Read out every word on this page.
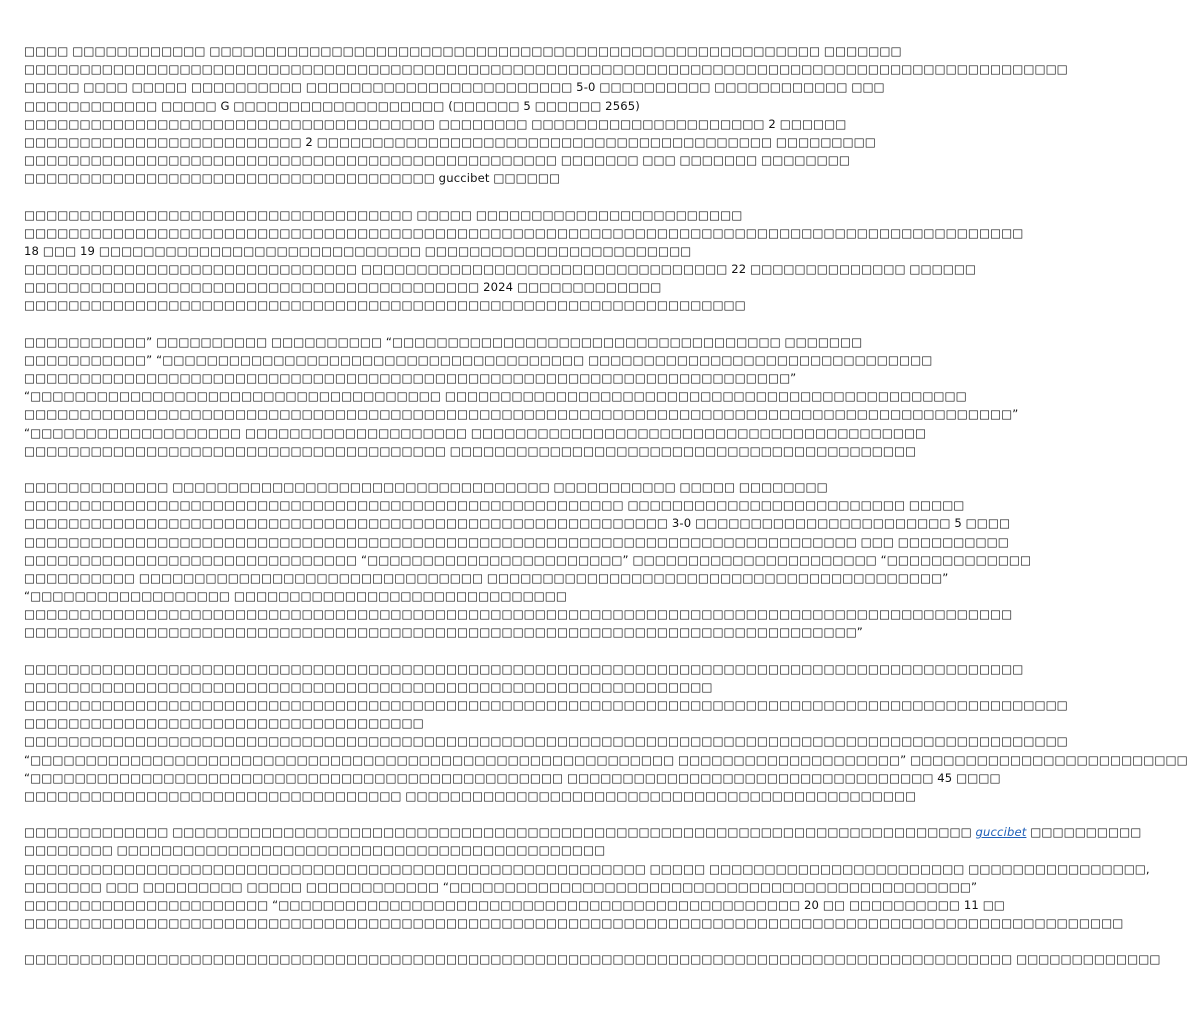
□□□□ □□□□□□□□□□□□ □□□□□□□□□□□□□□□□□□□□□□□□□□□□□□□□□□□□□□□□□□□□□□□□□□□□□□□ □□□□□□□
□□□□□□□□□□□□□□□□□□□□□□□□□□□□□□□□□□□□□□□□□□□□□□□□□□□□□□□□□□□□□□□□□□□□□□□□□□□□□□□□□□□□□□□□□□□□□□
□□□□□ □□□□ □□□□□ □□□□□□□□□□ □□□□□□□□□□□□□□□□□□□□□□□□ 5-0 □□□□□□□□□□ □□□□□□□□□□□□ □□□
□□□□□□□□□□□□ □□□□□ G □□□□□□□□□□□□□□□□□□□ (□□□□□□ 5 □□□□□□ 2565)
□□□□□□□□□□□□□□□□□□□□□□□□□□□□□□□□□□□□□ □□□□□□□□ □□□□□□□□□□□□□□□□□□□□□ 2 □□□□□□
□□□□□□□□□□□□□□□□□□□□□□□□□ 2 □□□□□□□□□□□□□□□□□□□□□□□□□□□□□□□□□□□□□□□□□ □□□□□□□□□
□□□□□□□□□□□□□□□□□□□□□□□□□□□□□□□□□□□□□□□□□□□□□□□□ □□□□□□□ □□□ □□□□□□□ □□□□□□□□
□□□□□□□□□□□□□□□□□□□□□□□□□□□□□□□□□□□□□ guccibet □□□□□□
□□□□□□□□□□□□□□□□□□□□□□□□□□□□□□□□□□□ □□□□□ □□□□□□□□□□□□□□□□□□□□□□□□
□□□□□□□□□□□□□□□□□□□□□□□□□□□□□□□□□□□□□□□□□□□□□□□□□□□□□□□□□□□□□□□□□□□□□□□□□□□□□□□□□□□□□□□□□□
18 □□□ 19 □□□□□□□□□□□□□□□□□□□□□□□□□□□□□ □□□□□□□□□□□□□□□□□□□□□□□□
□□□□□□□□□□□□□□□□□□□□□□□□□□□□□□ □□□□□□□□□□□□□□□□□□□□□□□□□□□□□□□□□ 22 □□□□□□□□□□□□□□ □□□□□□
□□□□□□□□□□□□□□□□□□□□□□□□□□□□□□□□□□□□□□□□□ 2024 □□□□□□□□□□□□□
□□□□□□□□□□□□□□□□□□□□□□□□□□□□□□□□□□□□□□□□□□□□□□□□□□□□□□□□□□□□□□□□□
□□□□□□□□□□□” □□□□□□□□□□ □□□□□□□□□□ “□□□□□□□□□□□□□□□□□□□□□□□□□□□□□□□□□□□ □□□□□□□
□□□□□□□□□□□” “□□□□□□□□□□□□□□□□□□□□□□□□□□□□□□□□□□□□□□ □□□□□□□□□□□□□□□□□□□□□□□□□□□□□□□
□□□□□□□□□□□□□□□□□□□□□□□□□□□□□□□□□□□□□□□□□□□□□□□□□□□□□□□□□□□□□□□□□□□□□”
“□□□□□□□□□□□□□□□□□□□□□□□□□□□□□□□□□□□□□ □□□□□□□□□□□□□□□□□□□□□□□□□□□□□□□□□□□□□□□□□□□□□□□
□□□□□□□□□□□□□□□□□□□□□□□□□□□□□□□□□□□□□□□□□□□□□□□□□□□□□□□□□□□□□□□□□□□□□□□□□□□□□□□□□□□□□□□□□”
“□□□□□□□□□□□□□□□□□□□ □□□□□□□□□□□□□□□□□□□□ □□□□□□□□□□□□□□□□□□□□□□□□□□□□□□□□□□□□□□□□□
□□□□□□□□□□□□□□□□□□□□□□□□□□□□□□□□□□□□□□ □□□□□□□□□□□□□□□□□□□□□□□□□□□□□□□□□□□□□□□□□□
□□□□□□□□□□□□□ □□□□□□□□□□□□□□□□□□□□□□□□□□□□□□□□□□ □□□□□□□□□□□ □□□□□ □□□□□□□□
□□□□□□□□□□□□□□□□□□□□□□□□□□□□□□□□□□□□□□□□□□□□□□□□□□□□□□ □□□□□□□□□□□□□□□□□□□□□□□□□ □□□□□
□□□□□□□□□□□□□□□□□□□□□□□□□□□□□□□□□□□□□□□□□□□□□□□□□□□□□□□□□□ 3-0 □□□□□□□□□□□□□□□□□□□□□□□ 5 □□□□
□□□□□□□□□□□□□□□□□□□□□□□□□□□□□□□□□□□□□□□□□□□□□□□□□□□□□□□□□□□□□□□□□□□□□□□□□□□ □□□ □□□□□□□□□□
□□□□□□□□□□□□□□□□□□□□□□□□□□□□□□ “□□□□□□□□□□□□□□□□□□□□□□□” □□□□□□□□□□□□□□□□□□□□□□ “□□□□□□□□□□□□□
□□□□□□□□□□ □□□□□□□□□□□□□□□□□□□□□□□□□□□□□□□ □□□□□□□□□□□□□□□□□□□□□□□□□□□□□□□□□□□□□□□□□”
“□□□□□□□□□□□□□□□□□□ □□□□□□□□□□□□□□□□□□□□□□□□□□□□□□
□□□□□□□□□□□□□□□□□□□□□□□□□□□□□□□□□□□□□□□□□□□□□□□□□□□□□□□□□□□□□□□□□□□□□□□□□□□□□□□□□□□□□□□□□
□□□□□□□□□□□□□□□□□□□□□□□□□□□□□□□□□□□□□□□□□□□□□□□□□□□□□□□□□□□□□□□□□□□□□□□□□□□”
□□□□□□□□□□□□□□□□□□□□□□□□□□□□□□□□□□□□□□□□□□□□□□□□□□□□□□□□□□□□□□□□□□□□□□□□□□□□□□□□□□□□□□□□□□
□□□□□□□□□□□□□□□□□□□□□□□□□□□□□□□□□□□□□□□□□□□□□□□□□□□□□□□□□□□□□□
□□□□□□□□□□□□□□□□□□□□□□□□□□□□□□□□□□□□□□□□□□□□□□□□□□□□□□□□□□□□□□□□□□□□□□□□□□□□□□□□□□□□□□□□□□□□□□
□□□□□□□□□□□□□□□□□□□□□□□□□□□□□□□□□□□□
□□□□□□□□□□□□□□□□□□□□□□□□□□□□□□□□□□□□□□□□□□□□□□□□□□□□□□□□□□□□□□□□□□□□□□□□□□□□□□□□□□□□□□□□□□□□□□
“□□□□□□□□□□□□□□□□□□□□□□□□□□□□□□□□□□□□□□□□□□□□□□□□□□□□□□□□□□ □□□□□□□□□□□□□□□□□□□□” □□□□□□□□□□□□□□□□□□□□□□□□□
“□□□□□□□□□□□□□□□□□□□□□□□□□□□□□□□□□□□□□□□□□□□□□□□□ □□□□□□□□□□□□□□□□□□□□□□□□□□□□□□□□□ 45 □□□□
□□□□□□□□□□□□□□□□□□□□□□□□□□□□□□□□□□ □□□□□□□□□□□□□□□□□□□□□□□□□□□□□□□□□□□□□□□□□□□□□□
□□□□□□□□□□□□□ □□□□□□□□□□□□□□□□□□□□□□□□□□□□□□□□□□□□□□□□□□□□□□□□□□□□□□□□□□□□□□□□□□□□□□□□ guccibet □□□□□□□□□□
□□□□□□□□ □□□□□□□□□□□□□□□□□□□□□□□□□□□□□□□□□□□□□□□□□□□□
□□□□□□□□□□□□□□□□□□□□□□□□□□□□□□□□□□□□□□□□□□□□□□□□□□□□□□□□ □□□□□ □□□□□□□□□□□□□□□□□□□□□□□ □□□□□□□□□□□□□□□□,
□□□□□□□ □□□ □□□□□□□□□ □□□□□ □□□□□□□□□□□□ “□□□□□□□□□□□□□□□□□□□□□□□□□□□□□□□□□□□□□□□□□□□□□□□”
□□□□□□□□□□□□□□□□□□□□□□ “□□□□□□□□□□□□□□□□□□□□□□□□□□□□□□□□□□□□□□□□□□□□□□□ 20 □□ □□□□□□□□□□ 11 □□
□□□□□□□□□□□□□□□□□□□□□□□□□□□□□□□□□□□□□□□□□□□□□□□□□□□□□□□□□□□□□□□□□□□□□□□□□□□□□□□□□□□□□□□□□□□□□□□□□□□
□□□□□□□□□□□□□□□□□□□□□□□□□□□□□□□□□□□□□□□□□□□□□□□□□□□□□□□□□□□□□□□□□□□□□□□□□□□□□□□□□□□□□□□□□ □□□□□□□□□□□□□
